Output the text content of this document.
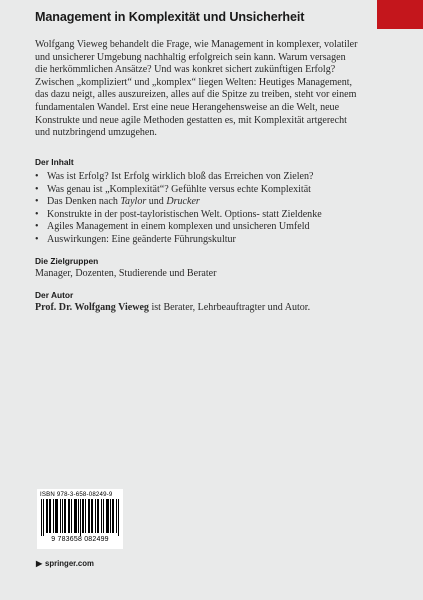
Management in Komplexität und Unsicherheit
Wolfgang Vieweg behandelt die Frage, wie Management in komplexer, volatiler
und unsicherer Umgebung nachhaltig erfolgreich sein kann. Warum versagen
die herkömmlichen Ansätze? Und was konkret sichert zukünftigen Erfolg?
Zwischen „kompliziert“ und „komplex“ liegen Welten: Heutiges Management,
das dazu neigt, alles auszureizen, alles auf die Spitze zu treiben, steht vor einem
fundamentalen Wandel. Erst eine neue Herangehensweise an die Welt, neue
Konstrukte und neue agile Methoden gestatten es, mit Komplexität artgerecht
und nutzbringend umzugehen.
Der Inhalt
• Was ist Erfolg? Ist Erfolg wirklich bloß das Erreichen von Zielen?
• Was genau ist „Komplexität“? Gefühlte versus echte Komplexität
• Das Denken nach Taylor und Drucker
• Konstrukte in der post-tayloristischen Welt. Options- statt Zieldenke
• Agiles Management in einem komplexen und unsicheren Umfeld
• Auswirkungen: Eine geänderte Führungskultur
Die Zielgruppen
Manager, Dozenten, Studierende und Berater
Der Autor
Prof. Dr. Wolfgang Vieweg ist Berater, Lehrbeauftragter und Autor.
ISBN 978-3-658-08249-9
9 783658 082499
▶ springer.com
